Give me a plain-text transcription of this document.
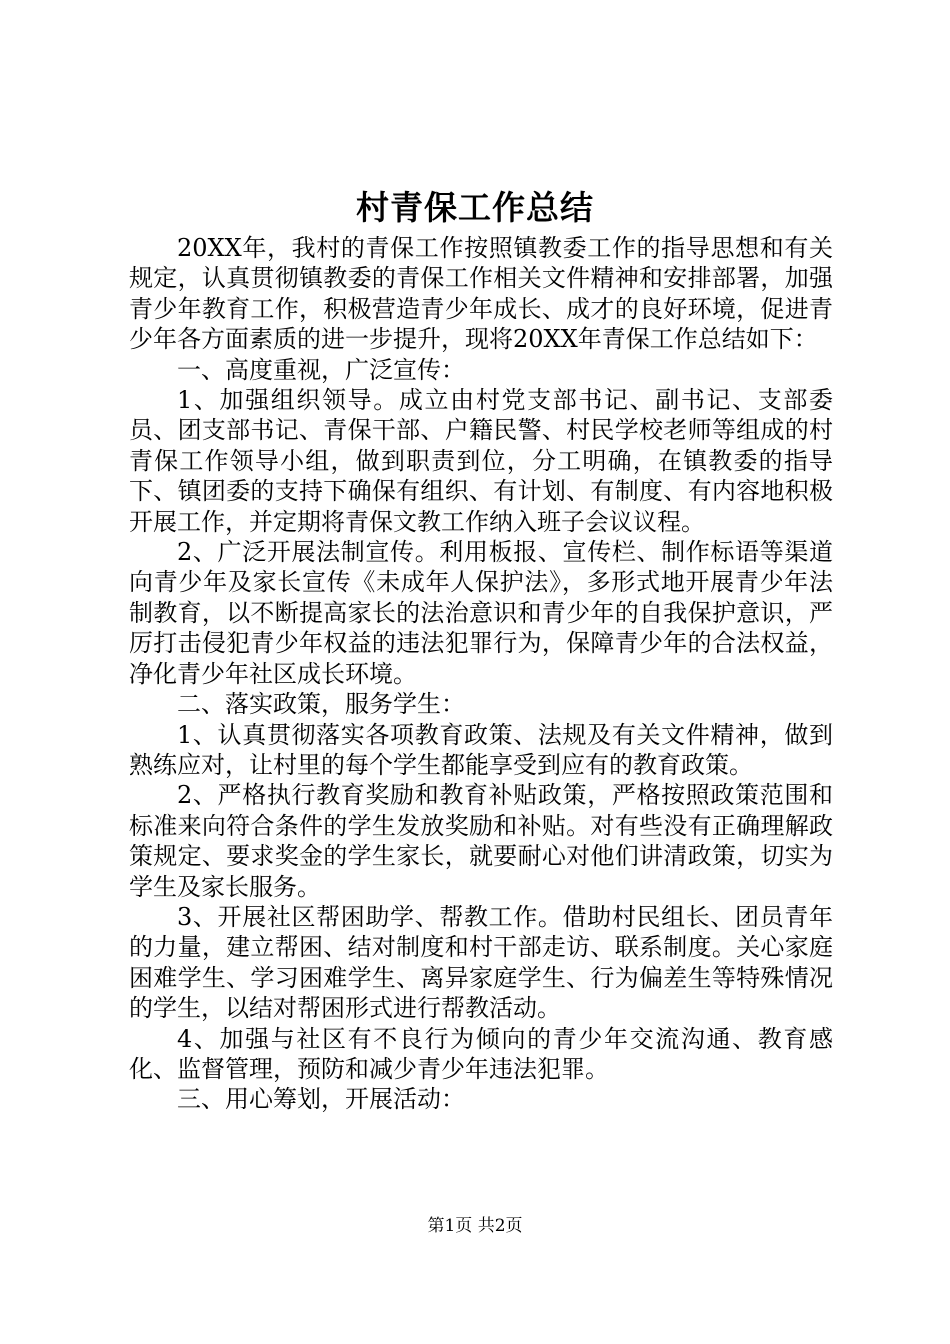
村青保工作总结

20XX年，我村的青保工作按照镇教委工作的指导思想和有关规定，认真贯彻镇教委的青保工作相关文件精神和安排部署，加强青少年教育工作，积极营造青少年成长、成才的良好环境，促进青少年各方面素质的进一步提升，现将20XX年青保工作总结如下：

一、高度重视，广泛宣传：

1、加强组织领导。成立由村党支部书记、副书记、支部委员、团支部书记、青保干部、户籍民警、村民学校老师等组成的村青保工作领导小组，做到职责到位，分工明确，在镇教委的指导下、镇团委的支持下确保有组织、有计划、有制度、有内容地积极开展工作，并定期将青保文教工作纳入班子会议议程。

2、广泛开展法制宣传。利用板报、宣传栏、制作标语等渠道向青少年及家长宣传《未成年人保护法》，多形式地开展青少年法制教育，以不断提高家长的法治意识和青少年的自我保护意识，严厉打击侵犯青少年权益的违法犯罪行为，保障青少年的合法权益，净化青少年社区成长环境。

二、落实政策，服务学生：

1、认真贯彻落实各项教育政策、法规及有关文件精神，做到熟练应对，让村里的每个学生都能享受到应有的教育政策。

2、严格执行教育奖励和教育补贴政策，严格按照政策范围和标准来向符合条件的学生发放奖励和补贴。对有些没有正确理解政策规定、要求奖金的学生家长，就要耐心对他们讲清政策，切实为学生及家长服务。

3、开展社区帮困助学、帮教工作。借助村民组长、团员青年的力量，建立帮困、结对制度和村干部走访、联系制度。关心家庭困难学生、学习困难学生、离异家庭学生、行为偏差生等特殊情况的学生，以结对帮困形式进行帮教活动。

4、加强与社区有不良行为倾向的青少年交流沟通、教育感化、监督管理，预防和减少青少年违法犯罪。

三、用心筹划，开展活动：

第1页 共2页
